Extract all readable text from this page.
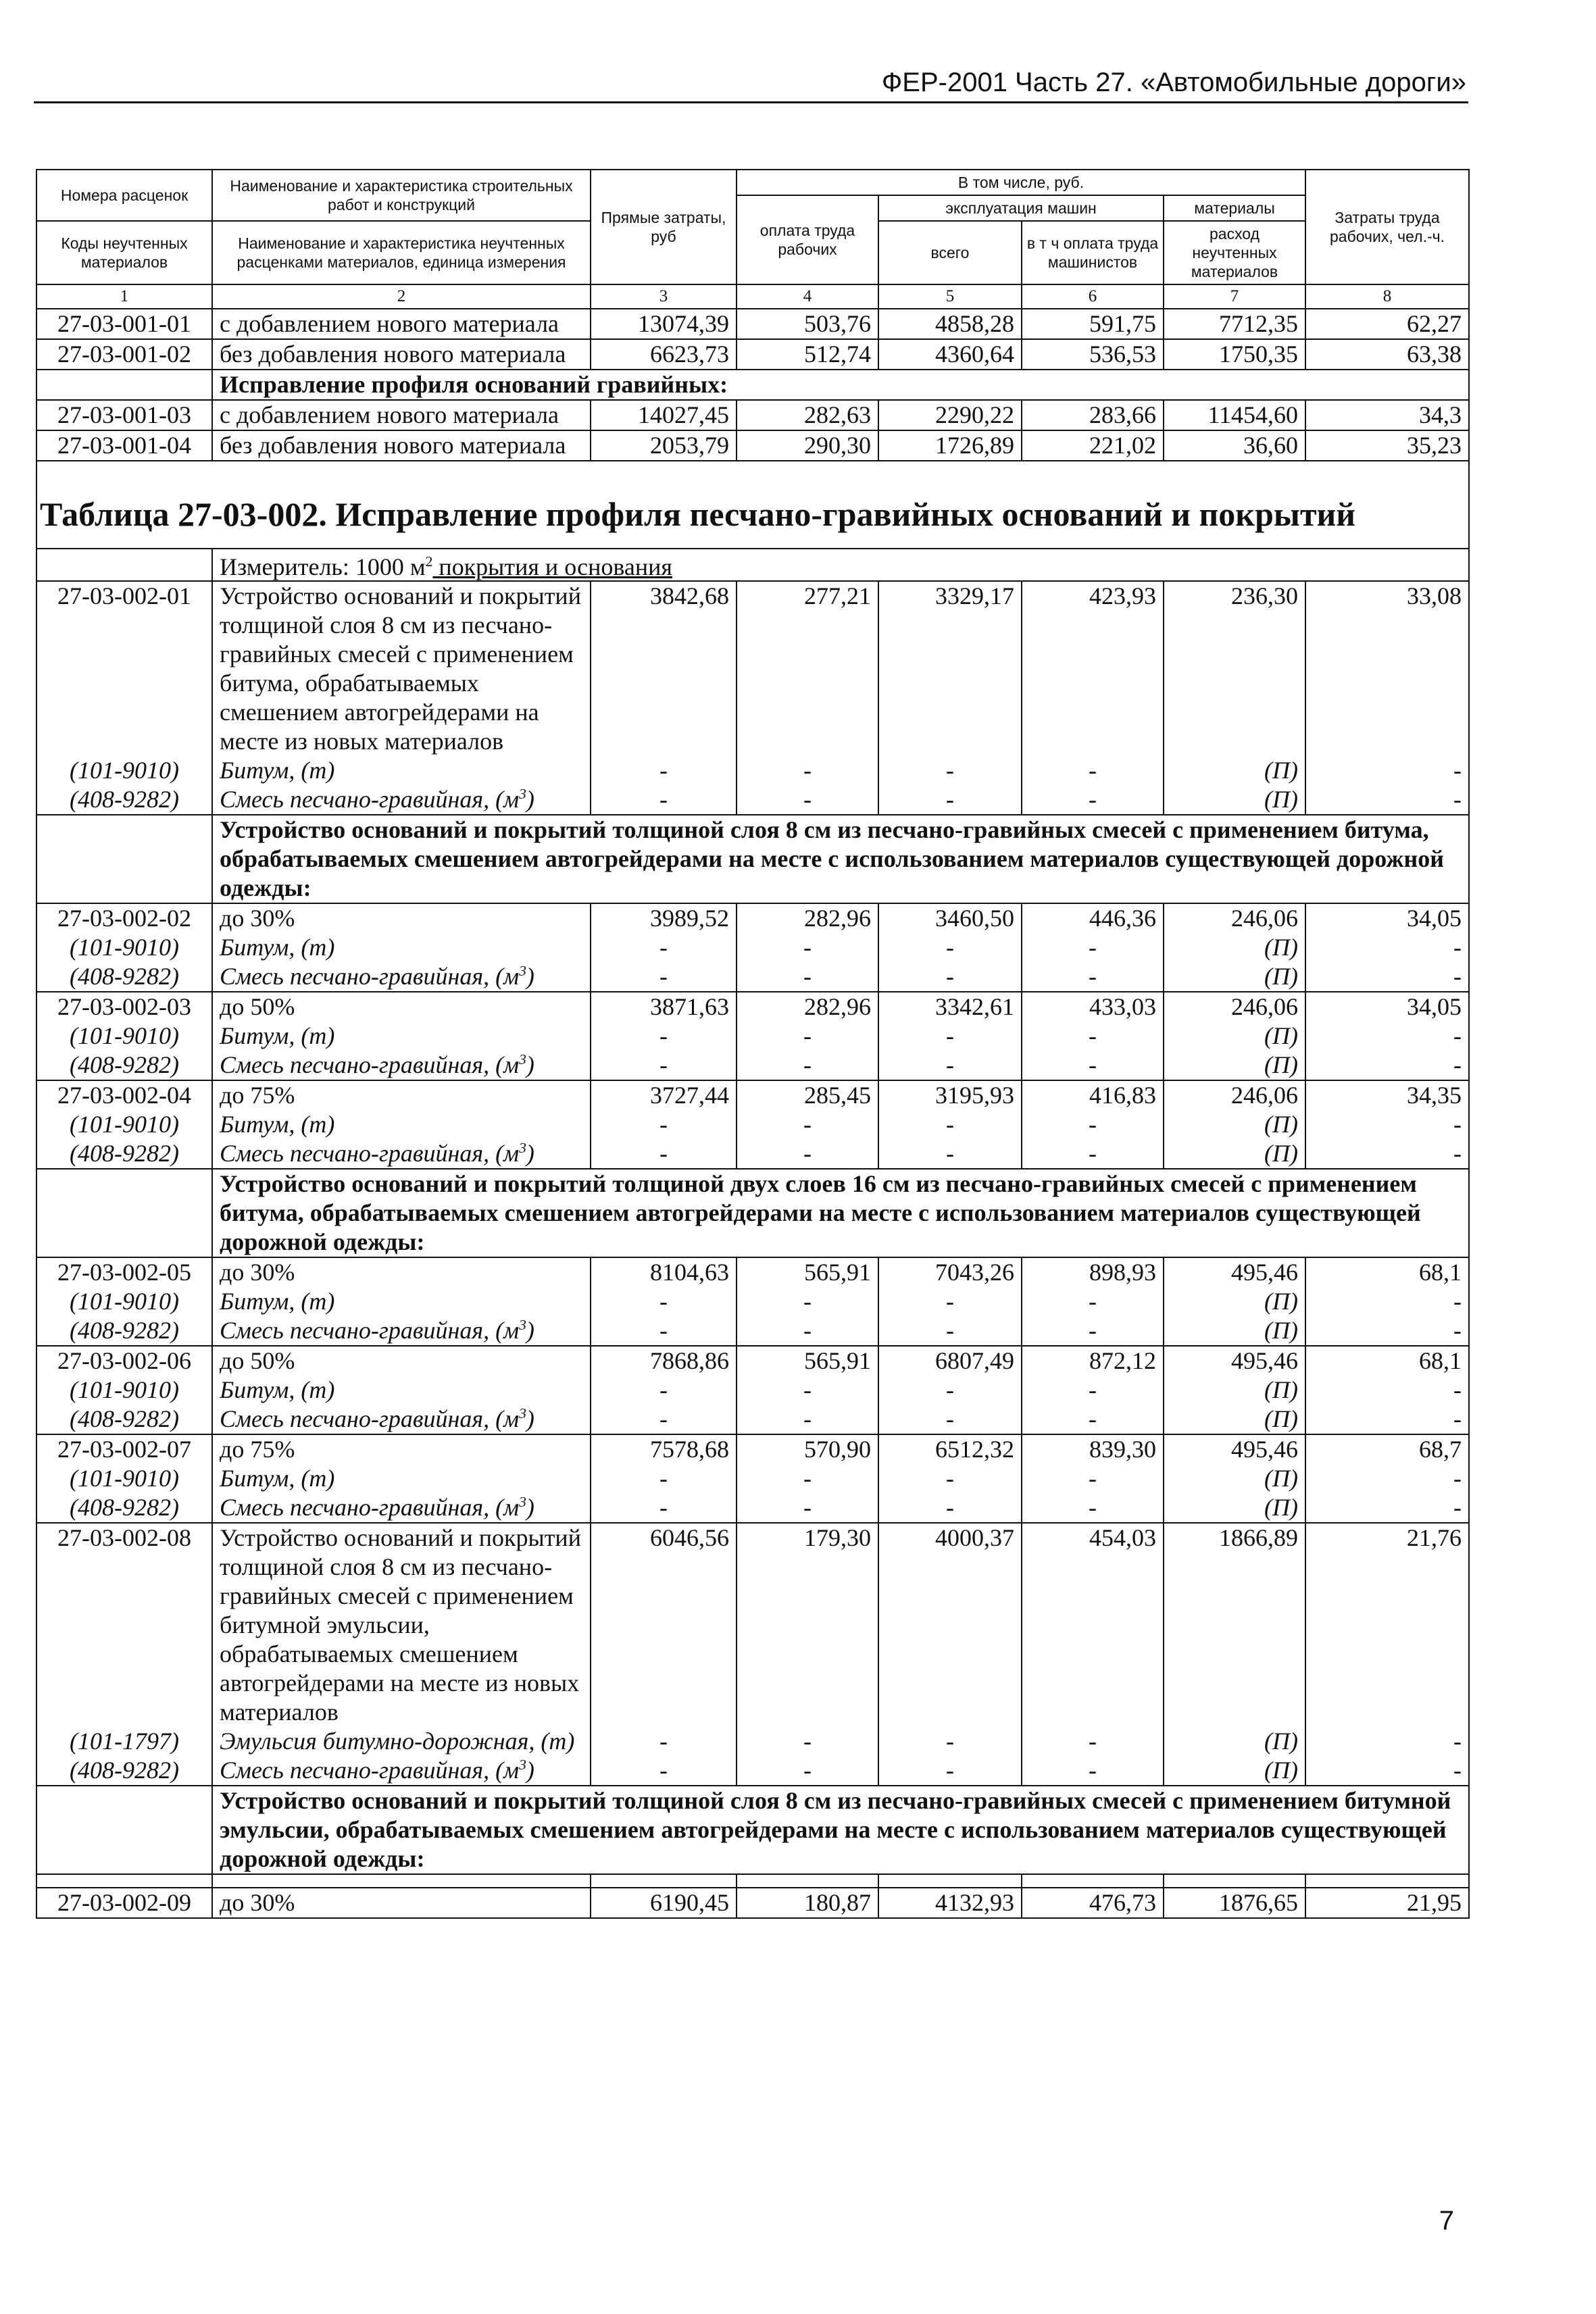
ФЕР-2001 Часть 27. «Автомобильные дороги»
Номера расценок	Наименование и характеристика строительных работ и конструкций	Прямые затраты, руб	В том числе, руб.				Затраты труда рабочих, чел.-ч.
			оплата труда рабочих	эксплуатация машин		материалы	
Коды неучтенных материалов	Наименование и характеристика неучтенных расценками материалов, единица измерения			всего	в т ч оплата труда машинистов	расход неучтенных материалов	

1	2	3	4	5	6	7	8
27-03-001-01	с добавлением нового материала	13074,39	503,76	4858,28	591,75	7712,35	62,27
27-03-001-02	без добавления нового материала	6623,73	512,74	4360,64	536,53	1750,35	63,38
	Исправление профиля оснований гравийных:						
27-03-001-03	с добавлением нового материала	14027,45	282,63	2290,22	283,66	11454,60	34,3
27-03-001-04	без добавления нового материала	2053,79	290,30	1726,89	221,02	36,60	35,23
Таблица 27-03-002. Исправление профиля песчано-гравийных оснований и покрытий							
	Измеритель: 1000 $м^2$ покрытия и основания						
27-03-002-01	Устройство оснований и покрытий толщиной слоя 8 см из песчано-гравийных смесей с применением битума, обрабатываемых смешением автогрейдерами на месте из новых материалов	3842,68	277,21	3329,17	423,93	236,30	33,08
(101-9010)	Битум, (т)	-	-	-	-	(П)	-
(408-9282)	Смесь песчано-гравийная, $(м^3)$	-	-	-	-	(П)	-
	Устройство оснований и покрытий толщиной слоя 8 см из песчано-гравийных смесей с применением битума, обрабатываемых смешением автогрейдерами на месте с использованием материалов существующей дорожной одежды:						
27-03-002-02	до 30%	3989,52	282,96	3460,50	446,36	246,06	34,05
(101-9010)	Битум, (т)	-	-	-	-	(П)	-
(408-9282)	Смесь песчано-гравийная, $(м^3)$	-	-	-	-	(П)	-
27-03-002-03	до 50%	3871,63	282,96	3342,61	433,03	246,06	34,05
(101-9010)	Битум, (т)	-	-	-	-	(П)	-
(408-9282)	Смесь песчано-гравийная, $(м^3)$	-	-	-	-	(П)	-
27-03-002-04	до 75%	3727,44	285,45	3195,93	416,83	246,06	34,35
(101-9010)	Битум, (т)	-	-	-	-	(П)	-
(408-9282)	Смесь песчано-гравийная, $(м^3)$	-	-	-	-	(П)	-
	Устройство оснований и покрытий толщиной двух слоев 16 см из песчано-гравийных смесей с применением битума, обрабатываемых смешением автогрейдерами на месте с использованием материалов существующей дорожной одежды:						
27-03-002-05	до 30%	8104,63	565,91	7043,26	898,93	495,46	68,1
(101-9010)	Битум, (т)	-	-	-	-	(П)	-
(408-9282)	Смесь песчано-гравийная, $(м^3)$	-	-	-	-	(П)	-
27-03-002-06	до 50%	7868,86	565,91	6807,49	872,12	495,46	68,1
(101-9010)	Битум, (т)	-	-	-	-	(П)	-
(408-9282)	Смесь песчано-гравийная, $(м^3)$	-	-	-	-	(П)	-
27-03-002-07	до 75%	7578,68	570,90	6512,32	839,30	495,46	68,7
(101-9010)	Битум, (т)	-	-	-	-	(П)	-
(408-9282)	Смесь песчано-гравийная, $(м^3)$	-	-	-	-	(П)	-
27-03-002-08	Устройство оснований и покрытий толщиной слоя 8 см из песчано-гравийных смесей с применением битумной эмульсии, обрабатываемых смешением автогрейдерами на месте из новых материалов	6046,56	179,30	4000,37	454,03	1866,89	21,76
(101-1797)	Эмульсия битумно-дорожная, (т)	-	-	-	-	(П)	-
(408-9282)	Смесь песчано-гравийная, $(м^3)$	-	-	-	-	(П)	-
	Устройство оснований и покрытий толщиной слоя 8 см из песчано-гравийных смесей с применением битумной эмульсии, обрабатываемых смешением автогрейдерами на месте с использованием материалов существующей дорожной одежды:						

27-03-002-09	до 30%	6190,45	180,87	4132,93	476,73	1876,65	21,95
7
